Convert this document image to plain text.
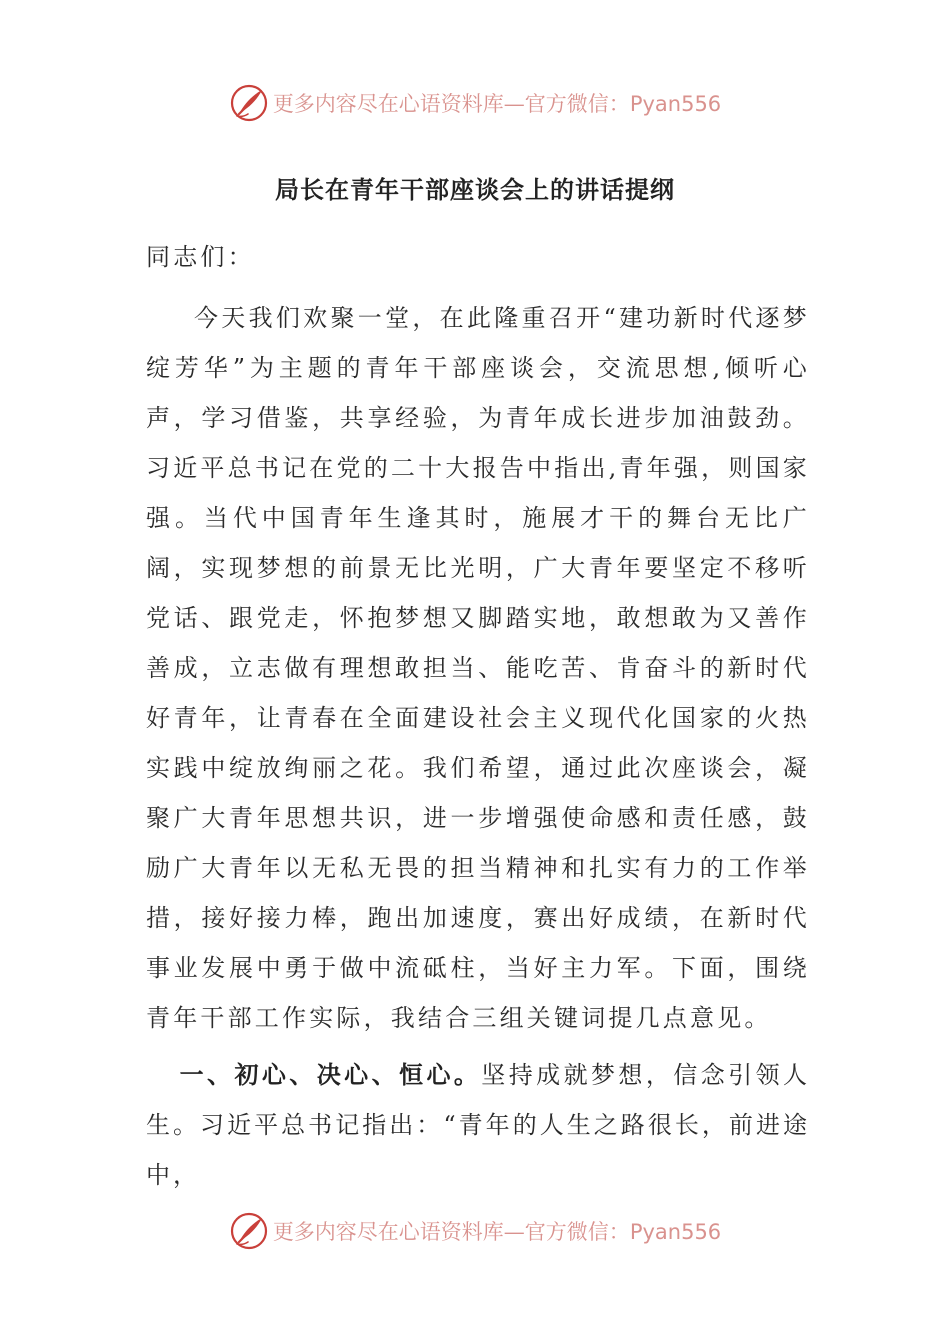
更多内容尽在心语资料库—官方微信：Pyan556
局长在青年干部座谈会上的讲话提纲
同志们：
今天我们欢聚一堂，在此隆重召开“建功新时代逐梦绽芳华”为主题的青年干部座谈会，交流思想,倾听心声，学习借鉴，共享经验，为青年成长进步加油鼓劲。习近平总书记在党的二十大报告中指出,青年强，则国家强。当代中国青年生逢其时，施展才干的舞台无比广阔，实现梦想的前景无比光明，广大青年要坚定不移听党话、跟党走，怀抱梦想又脚踏实地，敢想敢为又善作善成，立志做有理想敢担当、能吃苦、肯奋斗的新时代好青年，让青春在全面建设社会主义现代化国家的火热实践中绽放绚丽之花。我们希望，通过此次座谈会，凝聚广大青年思想共识，进一步增强使命感和责任感，鼓励广大青年以无私无畏的担当精神和扎实有力的工作举措，接好接力棒，跑出加速度，赛出好成绩，在新时代事业发展中勇于做中流砥柱，当好主力军。下面，围绕青年干部工作实际，我结合三组关键词提几点意见。
一、初心、决心、恒心。坚持成就梦想，信念引领人生。习近平总书记指出：“青年的人生之路很长，前进途中，
更多内容尽在心语资料库—官方微信：Pyan556
